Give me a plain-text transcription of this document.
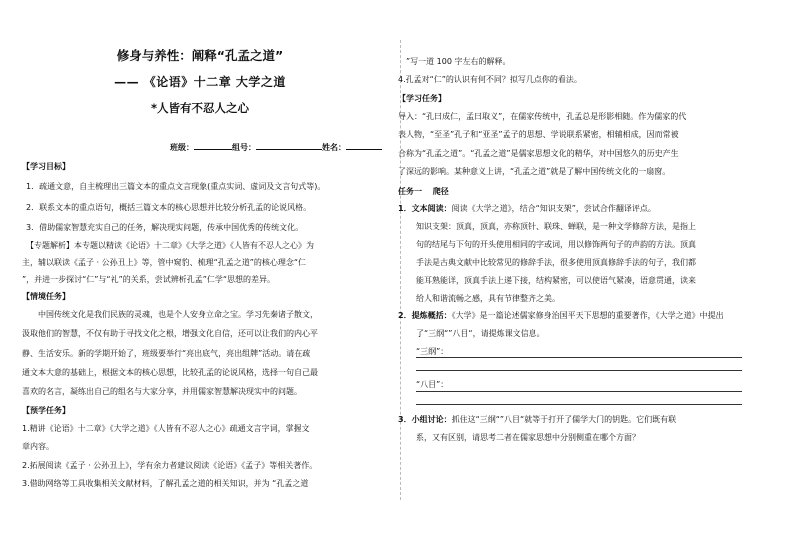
修身与养性：阐释“孔孟之道”
—— 《论语》十二章 大学之道
*人皆有不忍人之心
班级：	组号：	姓名：
【学习目标】
1．疏通文意，自主梳理出三篇文本的重点文言现象(重点实词、虚词及文言句式等)。
2．联系文本的重点语句，概括三篇文本的核心思想并比较分析孔孟的论说风格。
3．借助儒家智慧充实自己的任务，解决现实问题，传承中国优秀的传统文化。
【专题解析】本专题以精读《论语》十二章》《大学之道》《人皆有不忍人之心》为
主，辅以联读《孟子 · 公孙丑上》等，管中窥豹、梳理“孔孟之道”的核心理念“仁
”，并进一步探讨“仁”与“礼”的关系，尝试辨析孔孟”仁学“思想的差异。
【情境任务】
　　中国传统文化是我们民族的灵魂，也是个人安身立命之宝。学习先秦诸子散文，
汲取他们的智慧，不仅有助于寻找文化之根，增强文化自信，还可以让我们的内心平
静、生活安乐。新的学期开始了，班级要举行“亮出底气，亮出组牌”活动。请在疏
通文本大意的基础上，根据文本的核心思想，比较孔孟的论说风格，选择一句自己最
喜欢的名言，凝练出自己的组名与大家分享，并用儒家智慧解决现实中的问题。
【预学任务】
1.精讲《论语》十二章》《大学之道》《人皆有不忍人之心》疏通文言字词，掌握文
章内容。
2.拓展阅读《孟子 · 公孙丑上》，学有余力者建议阅读《论语》《孟子》等相关著作。
3.借助网络等工具收集相关文献材料，了解孔孟之道的相关知识，并为 “孔孟之道
”写一道 100 字左右的解释。
4.孔孟对“仁”的认识有何不同？拟写几点你的看法。
【学习任务】
导入：“孔曰成仁，孟曰取义”，在儒家传统中，孔孟总是形影相随。作为儒家的代
表人物，“至圣”孔子和“亚圣”孟子的思想、学说联系紧密，相辅相成，因而常被
合称为“孔孟之道”。“孔孟之道”是儒家思想文化的精华，对中国悠久的历史产生
了深远的影响。某种意义上讲，“孔孟之道”就是了解中国传统文化的一扇窗。
任务一　 爬径
1．文本阅读：阅读《大学之道》，结合“知识支架”，尝试合作翻译评点。
知识支架：顶真，顶真，亦称顶针、联珠、蝉联，是一种文学修辞方法，是指上
句的结尾与下句的开头使用相同的字或词，用以修饰两句子的声韵的方法。顶真
手法是古典文献中比较常见的修辞手法，很多使用顶真修辞手法的句子，我们都
能耳熟能详，顶真手法上递下接，结构紧密，可以使语气紧凑，语意贯通，读来
给人和谐流畅之感，具有节律整齐之美。
2．提炼概括：《大学》是一篇论述儒家修身治国平天下思想的重要著作，《大学之道》中提出
了“三纲“”八目“，请提炼课文信息。
“三纲”：
“八目”：
3．小组讨论：抓住这“三纲“”八目“就等于打开了儒学大门的钥匙。它们既有联
系，又有区别，请思考二者在儒家思想中分别侧重在哪个方面？
